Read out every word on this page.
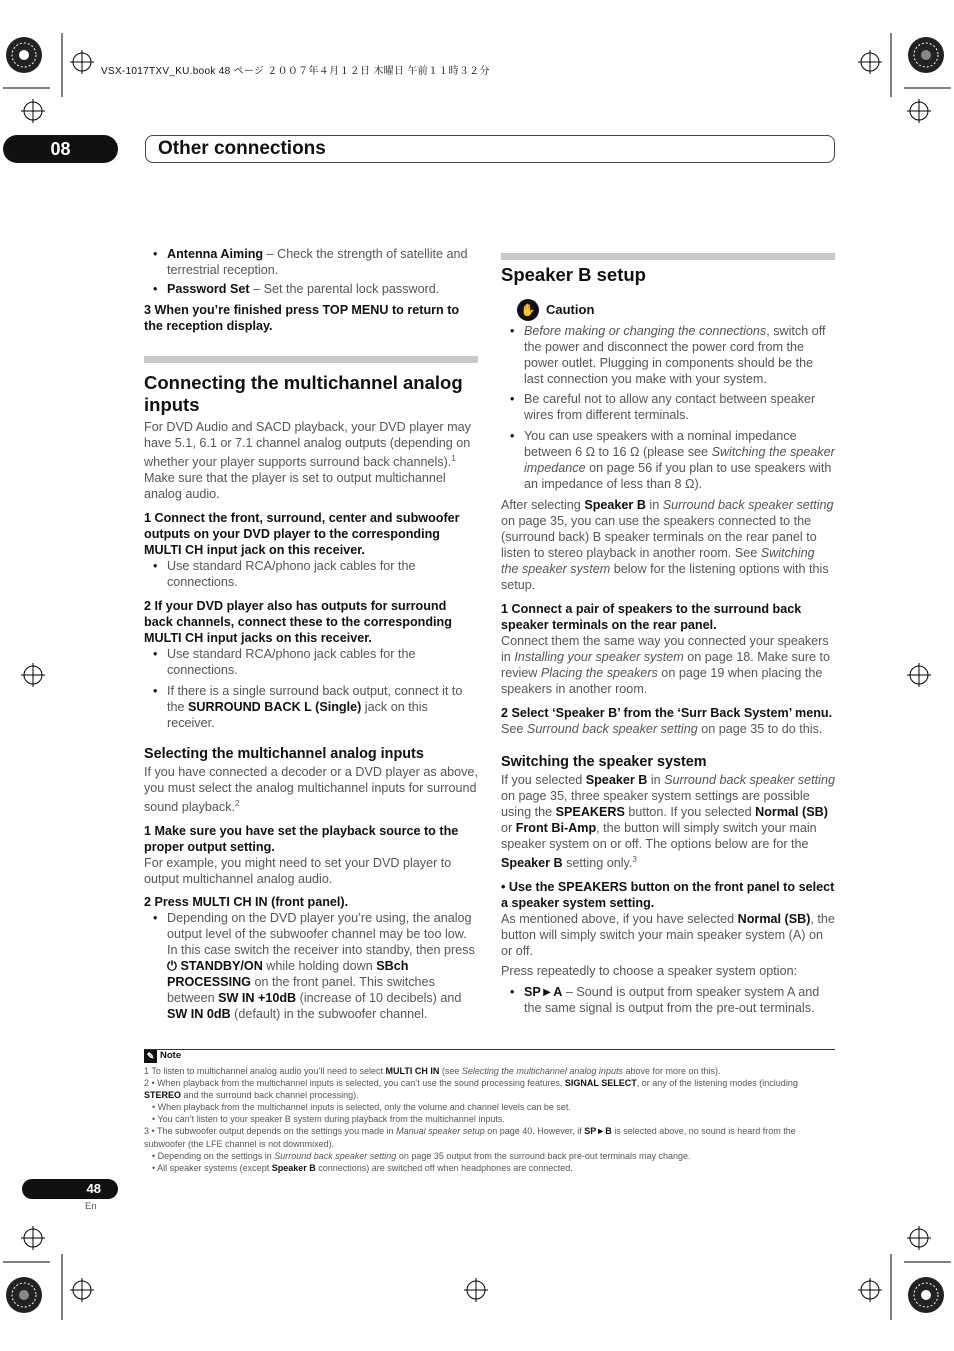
VSX-1017TXV_KU.book 48 ページ ２００７年４月１２日 木曜日 午前１１時３２分
08	Other connections
• Antenna Aiming – Check the strength of satellite and terrestrial reception.
• Password Set – Set the parental lock password.

3 When you’re finished press TOP MENU to return to the reception display.

Connecting the multichannel analog inputs

For DVD Audio and SACD playback, your DVD player may have 5.1, 6.1 or 7.1 channel analog outputs (depending on whether your player supports surround back channels).$^1$ Make sure that the player is set to output multichannel analog audio.

1 Connect the front, surround, center and subwoofer outputs on your DVD player to the corresponding MULTI CH input jack on this receiver.

• Use standard RCA/phono jack cables for the connections.

2 If your DVD player also has outputs for surround back channels, connect these to the corresponding MULTI CH input jacks on this receiver.

• Use standard RCA/phono jack cables for the connections.
• If there is a single surround back output, connect it to the SURROUND BACK L (Single) jack on this receiver.
Selecting the multichannel analog inputs

If you have connected a decoder or a DVD player as above, you must select the analog multichannel inputs for surround sound playback.$^2$

1 Make sure you have set the playback source to the proper output setting.

For example, you might need to set your DVD player to output multichannel analog audio.

2 Press MULTI CH IN (front panel).

• Depending on the DVD player you’re using, the analog output level of the subwoofer channel may be too low. In this case switch the receiver into standby, then press ⏻ STANDBY/ON while holding down SBch PROCESSING on the front panel. This switches between SW IN +10dB (increase of 10 decibels) and SW IN 0dB (default) in the subwoofer channel.
Speaker B setup
✋ Caution
• Before making or changing the connections, switch off the power and disconnect the power cord from the power outlet. Plugging in components should be the last connection you make with your system.
• Be careful not to allow any contact between speaker wires from different terminals.
• You can use speakers with a nominal impedance between 6 Ω to 16 Ω (please see Switching the speaker impedance on page 56 if you plan to use speakers with an impedance of less than 8 Ω).

After selecting Speaker B in Surround back speaker setting on page 35, you can use the speakers connected to the (surround back) B speaker terminals on the rear panel to listen to stereo playback in another room. See Switching the speaker system below for the listening options with this setup.

1 Connect a pair of speakers to the surround back speaker terminals on the rear panel.

Connect them the same way you connected your speakers in Installing your speaker system on page 18. Make sure to review Placing the speakers on page 19 when placing the speakers in another room.

2 Select ‘Speaker B’ from the ‘Surr Back System’ menu.

See Surround back speaker setting on page 35 to do this.

Switching the speaker system

If you selected Speaker B in Surround back speaker setting on page 35, three speaker system settings are possible using the SPEAKERS button. If you selected Normal (SB) or Front Bi-Amp, the button will simply switch your main speaker system on or off. The options below are for the Speaker B setting only.$^3$

• Use the SPEAKERS button on the front panel to select a speaker system setting.

As mentioned above, if you have selected Normal (SB), the button will simply switch your main speaker system (A) on or off.

Press repeatedly to choose a speaker system option:

• SP►A – Sound is output from speaker system A and the same signal is output from the pre-out terminals.
✎ Note

1 To listen to multichannel analog audio you’ll need to select MULTI CH IN (see Selecting the multichannel analog inputs above for more on this).

2 • When playback from the multichannel inputs is selected, you can’t use the sound processing features, SIGNAL SELECT, or any of the listening modes (including STEREO and the surround back channel processing).

• When playback from the multichannel inputs is selected, only the volume and channel levels can be set.

• You can’t listen to your speaker B system during playback from the multichannel inputs.

3 • The subwoofer output depends on the settings you made in Manual speaker setup on page 40. However, if SP►B is selected above, no sound is heard from the subwoofer (the LFE channel is not downmixed).

• Depending on the settings in Surround back speaker setting on page 35 output from the surround back pre-out terminals may change.

• All speaker systems (except Speaker B connections) are switched off when headphones are connected.

48
En
